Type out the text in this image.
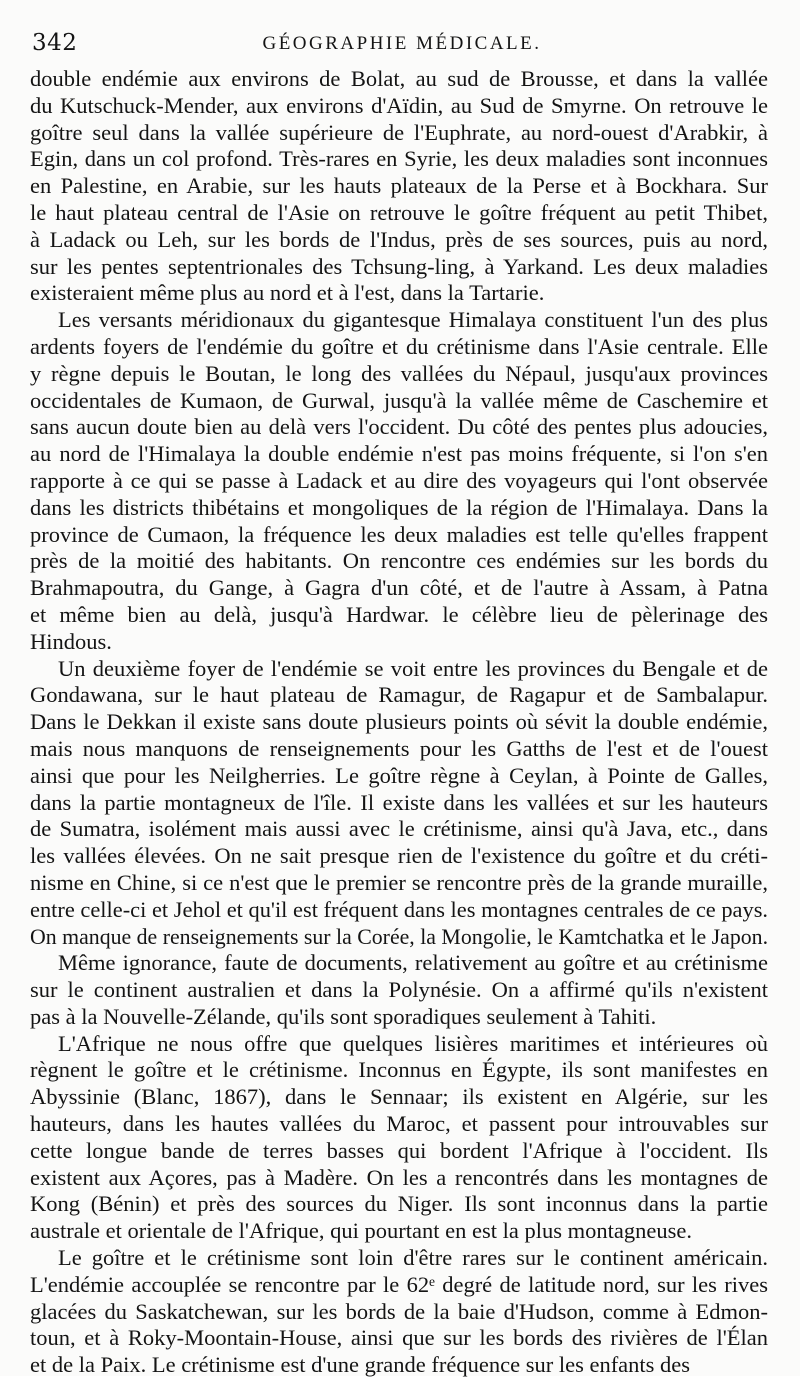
342	GÉOGRAPHIE MÉDICALE.
double endémie aux environs de Bolat, au sud de Brousse, et dans la vallée
du Kutschuck-Mender, aux environs d'Aïdin, au Sud de Smyrne. On retrouve le
goître seul dans la vallée supérieure de l'Euphrate, au nord-ouest d'Arabkir, à
Egin, dans un col profond. Très-rares en Syrie, les deux maladies sont inconnues
en Palestine, en Arabie, sur les hauts plateaux de la Perse et à Bockhara. Sur
le haut plateau central de l'Asie on retrouve le goître fréquent au petit Thibet,
à Ladack ou Leh, sur les bords de l'Indus, près de ses sources, puis au nord,
sur les pentes septentrionales des Tchsung-ling, à Yarkand. Les deux maladies
existeraient même plus au nord et à l'est, dans la Tartarie.
Les versants méridionaux du gigantesque Himalaya constituent l'un des plus
ardents foyers de l'endémie du goître et du crétinisme dans l'Asie centrale. Elle
y règne depuis le Boutan, le long des vallées du Népaul, jusqu'aux provinces
occidentales de Kumaon, de Gurwal, jusqu'à la vallée même de Caschemire et
sans aucun doute bien au delà vers l'occident. Du côté des pentes plus adoucies,
au nord de l'Himalaya la double endémie n'est pas moins fréquente, si l'on s'en
rapporte à ce qui se passe à Ladack et au dire des voyageurs qui l'ont observée
dans les districts thibétains et mongoliques de la région de l'Himalaya. Dans la
province de Cumaon, la fréquence les deux maladies est telle qu'elles frappent
près de la moitié des habitants. On rencontre ces endémies sur les bords du
Brahmapoutra, du Gange, à Gagra d'un côté, et de l'autre à Assam, à Patna
et même bien au delà, jusqu'à Hardwar. le célèbre lieu de pèlerinage des
Hindous.
Un deuxième foyer de l'endémie se voit entre les provinces du Bengale et de
Gondawana, sur le haut plateau de Ramagur, de Ragapur et de Sambalapur.
Dans le Dekkan il existe sans doute plusieurs points où sévit la double endémie,
mais nous manquons de renseignements pour les Gatths de l'est et de l'ouest
ainsi que pour les Neilgherries. Le goître règne à Ceylan, à Pointe de Galles,
dans la partie montagneux de l'île. Il existe dans les vallées et sur les hauteurs
de Sumatra, isolément mais aussi avec le crétinisme, ainsi qu'à Java, etc., dans
les vallées élevées. On ne sait presque rien de l'existence du goître et du créti-
nisme en Chine, si ce n'est que le premier se rencontre près de la grande muraille,
entre celle-ci et Jehol et qu'il est fréquent dans les montagnes centrales de ce pays.
On manque de renseignements sur la Corée, la Mongolie, le Kamtchatka et le Japon.
Même ignorance, faute de documents, relativement au goître et au crétinisme
sur le continent australien et dans la Polynésie. On a affirmé qu'ils n'existent
pas à la Nouvelle-Zélande, qu'ils sont sporadiques seulement à Tahiti.
L'Afrique ne nous offre que quelques lisières maritimes et intérieures où
règnent le goître et le crétinisme. Inconnus en Égypte, ils sont manifestes en
Abyssinie (Blanc, 1867), dans le Sennaar; ils existent en Algérie, sur les
hauteurs, dans les hautes vallées du Maroc, et passent pour introuvables sur
cette longue bande de terres basses qui bordent l'Afrique à l'occident. Ils
existent aux Açores, pas à Madère. On les a rencontrés dans les montagnes de
Kong (Bénin) et près des sources du Niger. Ils sont inconnus dans la partie
australe et orientale de l'Afrique, qui pourtant en est la plus montagneuse.
Le goître et le crétinisme sont loin d'être rares sur le continent américain.
L'endémie accouplée se rencontre par le 62ᵉ degré de latitude nord, sur les rives
glacées du Saskatchewan, sur les bords de la baie d'Hudson, comme à Edmon-
toun, et à Roky-Moontain-House, ainsi que sur les bords des rivières de l'Élan
et de la Paix. Le crétinisme est d'une grande fréquence sur les enfants des
